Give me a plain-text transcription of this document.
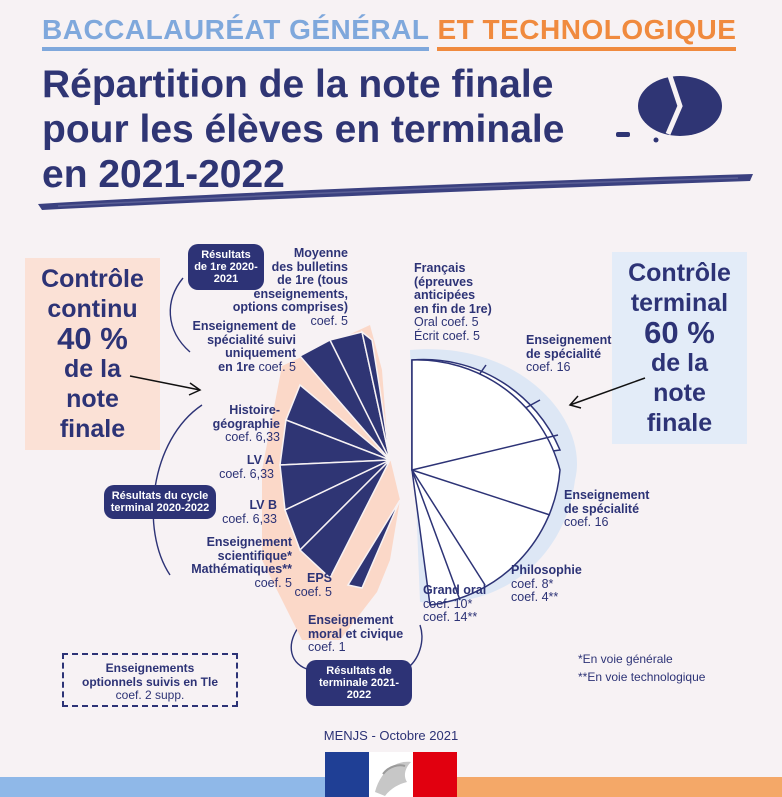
BACCALAURÉAT GÉNÉRAL ET TECHNOLOGIQUE
Répartition de la note finale
pour les élèves en terminale
en 2021-2022
Contrôle
continu
40 %
de la
note
finale
Contrôle
terminal
60 %
de la
note
finale
Résultats de 1re 2020-2021
Résultats du cycle terminal 2020-2022
Résultats de terminale 2021-2022
Moyenne
des bulletins
de 1re (tous
enseignements,
options comprises)
coef. 5
Enseignement de
spécialité suivi
uniquement
en 1re coef. 5
Histoire-
géographie
coef. 6,33
LV A
coef. 6,33
LV B
coef. 6,33
Enseignement
scientifique*
Mathématiques**
coef. 5	EPS
coef. 5
Enseignement
moral et civique
coef. 1
Français
(épreuves
anticipées
en fin de 1re)
Oral coef. 5
Écrit coef. 5	Enseignement
de spécialité
coef. 16
Enseignement
de spécialité
coef. 16
Philosophie
coef. 8*
coef. 4**
Grand oral
coef. 10*
coef. 14**
Enseignements
optionnels suivis en Tle
coef. 2 supp.
*En voie générale
**En voie technologique
MENJS - Octobre 2021
